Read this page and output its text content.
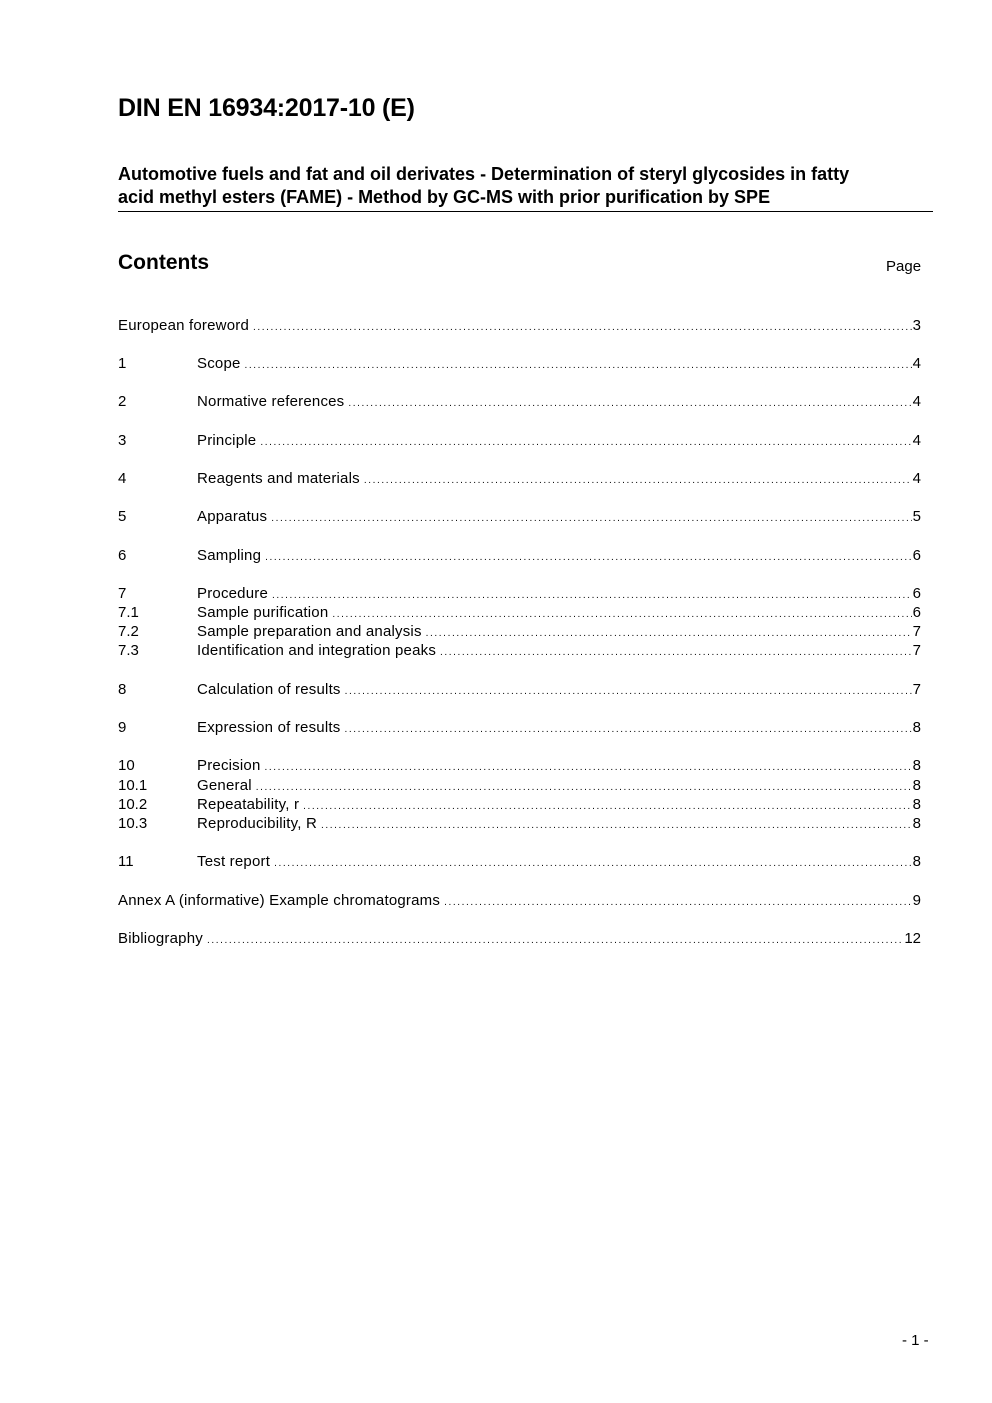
DIN EN 16934:2017-10 (E)
Automotive fuels and fat and oil derivates - Determination of steryl glycosides in fatty
acid methyl esters (FAME) - Method by GC-MS with prior purification by SPE
Contents	Page
European foreword .....	3
1	Scope .....	4
2	Normative references .....	4
3	Principle .....	4
4	Reagents and materials .....	4
5	Apparatus .....	5
6	Sampling .....	6
7	Procedure .....	6
7.1	Sample purification .....	6
7.2	Sample preparation and analysis .....	7
7.3	Identification and integration peaks .....	7
8	Calculation of results .....	7
9	Expression of results .....	8
10	Precision .....	8
10.1	General .....	8
10.2	Repeatability, r .....	8
10.3	Reproducibility, R .....	8
11	Test report .....	8
Annex A (informative) Example chromatograms .....	9
Bibliography .....	12
- 1 -
